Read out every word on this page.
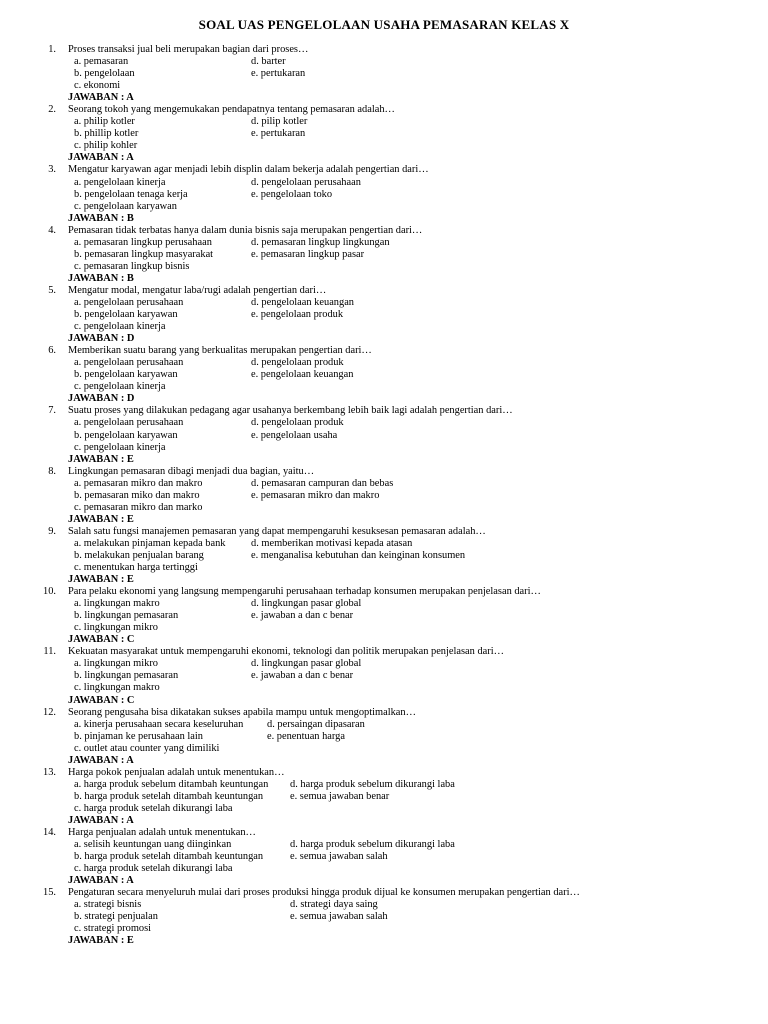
SOAL UAS PENGELOLAAN USAHA PEMASARAN KELAS X
1. Proses transaksi jual beli merupakan bagian dari proses…
a. pemasaran	d. barter
b. pengelolaan	e. pertukaran
c. ekonomi
JAWABAN : A
2. Seorang tokoh yang mengemukakan pendapatnya tentang pemasaran adalah…
a. philip kotler	d. pilip kotler
b. phillip kotler	e. pertukaran
c. philip kohler
JAWABAN : A
3. Mengatur karyawan agar menjadi lebih displin dalam bekerja adalah pengertian dari…
a. pengelolaan kinerja	d. pengelolaan perusahaan
b. pengelolaan tenaga kerja	e. pengelolaan toko
c. pengelolaan karyawan
JAWABAN : B
4. Pemasaran tidak terbatas hanya dalam dunia bisnis saja merupakan pengertian dari…
a. pemasaran lingkup perusahaan	d. pemasaran lingkup lingkungan
b. pemasaran lingkup masyarakat	e. pemasaran lingkup pasar
c. pemasaran lingkup bisnis
JAWABAN : B
5. Mengatur modal, mengatur laba/rugi adalah pengertian dari…
a. pengelolaan perusahaan	d. pengelolaan keuangan
b. pengelolaan karyawan	e. pengelolaan produk
c. pengelolaan kinerja
JAWABAN : D
6. Memberikan suatu barang yang berkualitas merupakan pengertian dari…
a. pengelolaan perusahaan	d. pengelolaan produk
b. pengelolaan karyawan	e. pengelolaan keuangan
c. pengelolaan kinerja
JAWABAN : D
7. Suatu proses yang dilakukan pedagang agar usahanya berkembang lebih baik lagi adalah pengertian dari…
a. pengelolaan perusahaan	d. pengelolaan produk
b. pengelolaan karyawan	e. pengelolaan usaha
c. pengelolaan kinerja
JAWABAN : E
8. Lingkungan pemasaran dibagi menjadi dua bagian, yaitu…
a. pemasaran mikro dan makro	d. pemasaran campuran dan bebas
b. pemasaran miko dan makro	e. pemasaran mikro dan makro
c. pemasaran mikro dan marko
JAWABAN : E
9. Salah satu fungsi manajemen pemasaran yang dapat mempengaruhi kesuksesan pemasaran adalah…
a. melakukan pinjaman kepada bank d. memberikan motivasi kepada atasan
b. melakukan penjualan barang	e. menganalisa kebutuhan dan keinginan konsumen
c. menentukan harga tertinggi
JAWABAN : E
10. Para pelaku ekonomi yang langsung mempengaruhi perusahaan terhadap konsumen merupakan penjelasan dari…
a. lingkungan makro	d. lingkungan pasar global
b. lingkungan pemasaran	e. jawaban a dan c benar
c. lingkungan mikro
JAWABAN : C
11. Kekuatan masyarakat untuk mempengaruhi ekonomi, teknologi dan politik merupakan penjelasan dari…
a. lingkungan mikro	d. lingkungan pasar global
b. lingkungan pemasaran	e. jawaban a dan c benar
c. lingkungan makro
JAWABAN : C
12. Seorang pengusaha bisa dikatakan sukses apabila mampu untuk mengoptimalkan…
a. kinerja perusahaan secara keseluruhan d. persaingan dipasaran
b. pinjaman ke perusahaan lain	e. penentuan harga
c. outlet atau counter yang dimiliki
JAWABAN : A
13. Harga pokok penjualan adalah untuk menentukan…
a. harga produk sebelum ditambah keuntungan d. harga produk sebelum dikurangi laba
b. harga produk setelah ditambah keuntungan	e. semua jawaban benar
c. harga produk setelah dikurangi laba
JAWABAN : A
14. Harga penjualan adalah untuk menentukan…
a. selisih keuntungan uang diinginkan	d. harga produk sebelum dikurangi laba
b. harga produk setelah ditambah keuntungan	e. semua jawaban salah
c. harga produk setelah dikurangi laba
JAWABAN : A
15. Pengaturan secara menyeluruh mulai dari proses produksi hingga produk dijual ke konsumen merupakan pengertian dari…
a. strategi bisnis	d. strategi daya saing
b. strategi penjualan	e. semua jawaban salah
c. strategi promosi
JAWABAN : E
